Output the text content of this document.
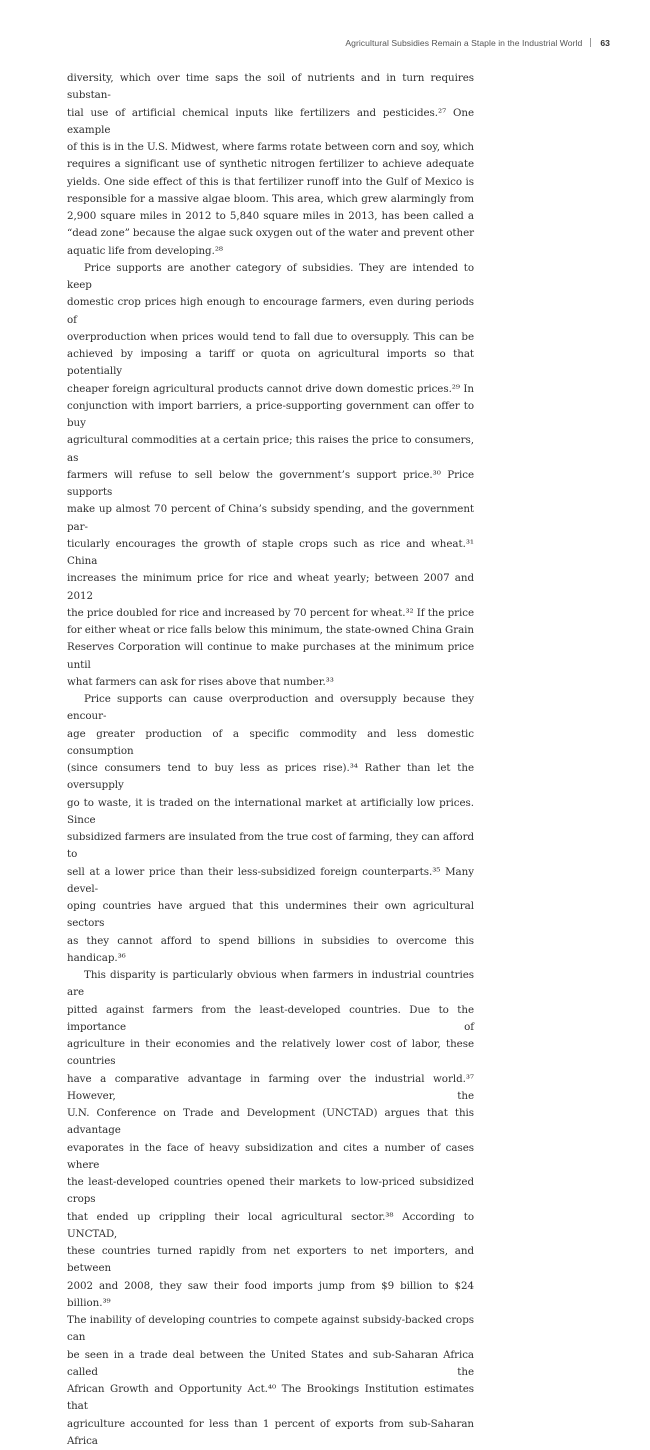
Agricultural Subsidies Remain a Staple in the Industrial World 63

diversity, which over time saps the soil of nutrients and in turn requires substan-

tial use of artificial chemical inputs like fertilizers and pesticides.²⁷ One example

of this is in the U.S. Midwest, where farms rotate between corn and soy, which

requires a significant use of synthetic nitrogen fertilizer to achieve adequate

yields. One side effect of this is that fertilizer runoff into the Gulf of Mexico is

responsible for a massive algae bloom. This area, which grew alarmingly from

2,900 square miles in 2012 to 5,840 square miles in 2013, has been called a

“dead zone” because the algae suck oxygen out of the water and prevent other

aquatic life from developing.²⁸

Price supports are another category of subsidies. They are intended to keep

domestic crop prices high enough to encourage farmers, even during periods of

overproduction when prices would tend to fall due to oversupply. This can be

achieved by imposing a tariff or quota on agricultural imports so that potentially

cheaper foreign agricultural products cannot drive down domestic prices.²⁹ In

conjunction with import barriers, a price-supporting government can offer to buy

agricultural commodities at a certain price; this raises the price to consumers, as

farmers will refuse to sell below the government’s support price.³⁰ Price supports

make up almost 70 percent of China’s subsidy spending, and the government par-

ticularly encourages the growth of staple crops such as rice and wheat.³¹ China

increases the minimum price for rice and wheat yearly; between 2007 and 2012

the price doubled for rice and increased by 70 percent for wheat.³² If the price

for either wheat or rice falls below this minimum, the state-owned China Grain

Reserves Corporation will continue to make purchases at the minimum price until

what farmers can ask for rises above that number.³³

Price supports can cause overproduction and oversupply because they encour-

age greater production of a specific commodity and less domestic consumption

(since consumers tend to buy less as prices rise).³⁴ Rather than let the oversupply

go to waste, it is traded on the international market at artificially low prices. Since

subsidized farmers are insulated from the true cost of farming, they can afford to

sell at a lower price than their less-subsidized foreign counterparts.³⁵ Many devel-

oping countries have argued that this undermines their own agricultural sectors

as they cannot afford to spend billions in subsidies to overcome this handicap.³⁶

This disparity is particularly obvious when farmers in industrial countries are

pitted against farmers from the least-developed countries. Due to the importance of

agriculture in their economies and the relatively lower cost of labor, these countries

have a comparative advantage in farming over the industrial world.³⁷ However, the

U.N. Conference on Trade and Development (UNCTAD) argues that this advantage

evaporates in the face of heavy subsidization and cites a number of cases where

the least-developed countries opened their markets to low-priced subsidized crops

that ended up crippling their local agricultural sector.³⁸ According to UNCTAD,

these countries turned rapidly from net exporters to net importers, and between

2002 and 2008, they saw their food imports jump from $9 billion to $24 billion.³⁹

The inability of developing countries to compete against subsidy-backed crops can

be seen in a trade deal between the United States and sub-Saharan Africa called the

African Growth and Opportunity Act.⁴⁰ The Brookings Institution estimates that

agriculture accounted for less than 1 percent of exports from sub-Saharan Africa
